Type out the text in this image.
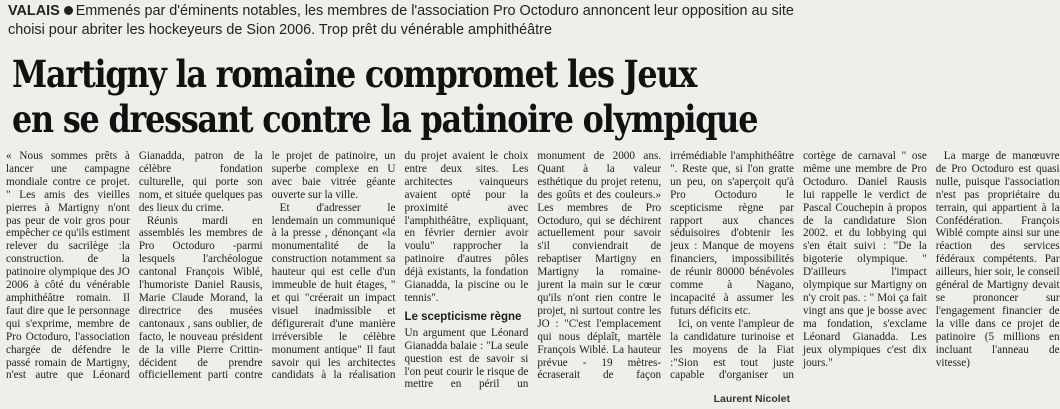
VALAIS Emmenés par d'éminents notables, les membres de l'association Pro Octoduro annoncent leur opposition au site choisi pour abriter les hockeyeurs de Sion 2006. Trop prêt du vénérable amphithéâtre
Martigny la romaine compromet les Jeux
en se dressant contre la patinoire olympique

« Nous sommes prêts à lancer une campagne mondiale contre ce projet. " Les amis des vieilles pierres à Martigny n'ont pas peur de voir gros pour empêcher ce qu'ils estiment relever du sacrilège :la construction. de la patinoire olympique des JO 2006 à côté du vénérable amphithéâtre romain. Il faut dire que le personnage qui s'exprime, membre de Pro Octoduro, l'association chargée de défendre le passé romain de Martigny, n'est autre que Léonard Gianadda, patron de la célèbre fondation culturelle, qui porte son nom, et située quelques pas des lieux du crime.

Réunis mardi en assemblés les membres de Pro Octoduro -parmi lesquels l'archéologue cantonal François Wiblé, l'humoriste Daniel Rausis, Marie Claude Morand, la directrice des musées cantonaux , sans oublier, de facto, le nouveau président de la ville Pierre Crittin- décident de prendre officiellement parti contre le projet de patinoire, un superbe complexe en U avec baie vitrée géante ouverte sur la ville.

Et d'adresser le lendemain un communiqué à la presse , dénonçant «la monumentalité de la construction notamment sa hauteur qui est celle d'un immeuble de huit étages, " et qui "créerait un impact visuel inadmissible et défigurerait d'une manière irréversible le célèbre monument antique" Il faut savoir qui les architectes candidats à la réalisation du projet avaient le choix entre deux sites. Les architectes vainqueurs avaient opté pour la proximité avec l'amphithéâtre, expliquant, en février dernier avoir voulu" rapprocher la patinoire d'autres pôles déjà existants, la fondation Gianadda, la piscine ou le tennis".

Le scepticisme règne

Un argument que Léonard Gianadda balaie : "La seule question est de savoir si l'on peut courir le risque de mettre en péril un monument de 2000 ans. Quant à la valeur esthétique du projet retenu, des goûts et des couleurs.» Les membres de Pro Octoduro, qui se déchirent actuellement pour savoir s'il conviendrait de rebaptiser Martigny en Martigny la romaine- jurent la main sur le cœur qu'ils n'ont rien contre le projet, ni surtout contre les JO : "C'est l'emplacement qui nous déplaît, martèle François Wiblé. La hauteur prévue - 19 mètres- écraserait de façon irrémédiable l'amphithéâtre ". Reste que, si l'on gratte un peu, on s'aperçoit qu'à Pro Octoduro le scepticisme règne par rapport aux chances séduisoires d'obtenir les jeux : Manque de moyens financiers, impossibilités de réunir 80000 bénévoles comme à Nagano, incapacité à assumer les futurs déficits etc.

Ici, on vente l'ampleur de la candidature turinoise et les moyens de la Fiat :"Sion est tout juste capable d'organiser un cortège de carnaval " ose même une membre de Pro Octoduro. Daniel Rausis lui rappelle le verdict de Pascal Couchepin à propos de la candidature Sion 2002. et du lobbying qui s'en était suivi : "De la bigoterie olympique. " D'ailleurs l'impact olympique sur Martigny on n'y croit pas. : " Moi ça fait vingt ans que je bosse avec ma fondation, s'exclame Léonard Gianadda. Les jeux olympiques c'est dix jours."

La marge de manœuvre de Pro Octoduro est quasi nulle, puisque l'association n'est pas propriétaire du terrain, qui appartient à la Confédération. François Wiblé compte ainsi sur une réaction des services fédéraux compétents. Par ailleurs, hier soir, le conseil général de Martigny devait se prononcer sur l'engagement financier de la ville dans ce projet de patinoire (5 millions en incluant l'anneau de vitesse)

Laurent Nicolet
